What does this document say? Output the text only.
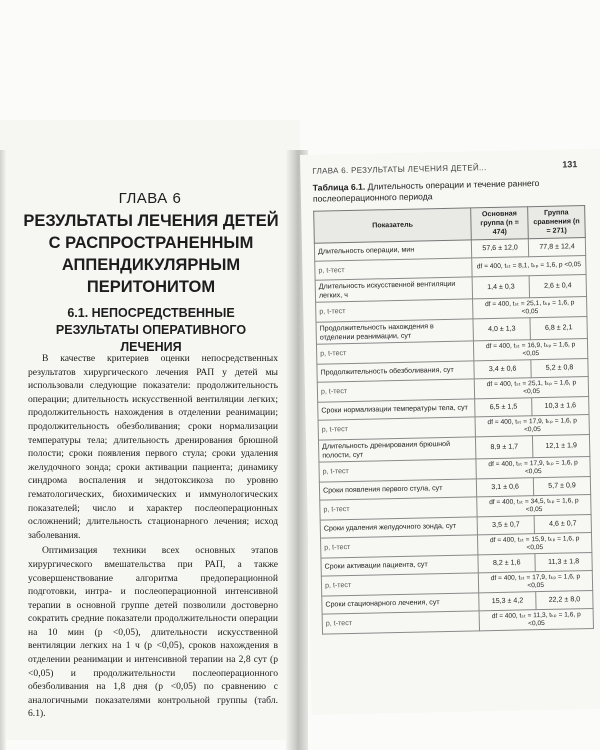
ГЛАВА 6
РЕЗУЛЬТАТЫ ЛЕЧЕНИЯ ДЕТЕЙ С РАСПРОСТРАНЕННЫМ АППЕНДИКУЛЯРНЫМ ПЕРИТОНИТОМ
6.1. НЕПОСРЕДСТВЕННЫЕ РЕЗУЛЬТАТЫ ОПЕРАТИВНОГО ЛЕЧЕНИЯ

В качестве критериев оценки непосредственных результатов хирургического лечения РАП у детей мы использовали следующие показатели: продолжительность операции; длительность искусственной вентиляции легких; продолжительность нахождения в отделении реанимации; продолжительность обезболивания; сроки нормализации температуры тела; длительность дренирования брюшной полости; сроки появления первого стула; сроки удаления желудочного зонда; сроки активации пациента; динамику синдрома воспаления и эндотоксикоза по уровню гематологических, биохимических и иммунологических показателей; число и характер послеоперационных осложнений; длительность стационарного лечения; исход заболевания.

Оптимизация техники всех основных этапов хирургического вмешательства при РАП, а также усовершенствование алгоритма предоперационной подготовки, интра- и послеоперационной интенсивной терапии в основной группе детей позволили достоверно сократить средние показатели продолжительности операции на 10 мин (p <0,05), длительности искусственной вентиляции легких на 1 ч (p <0,05), сроков нахождения в отделении реанимации и интенсивной терапии на 2,8 сут (p <0,05) и продолжительности послеоперационного обезболивания на 1,8 дня (p <0,05) по сравнению с аналогичными показателями контрольной группы (табл. 6.1).

ГЛАВА 6. РЕЗУЛЬТАТЫ ЛЕЧЕНИЯ ДЕТЕЙ...	131
Таблица 6.1. Длительность операции и течение раннего послеоперационного периода
Показатель	Основная группа (n = 474)	Группа сравнения (n = 271)
Длительность операции, мин	57,6 ± 12,0	77,8 ± 12,4
p, t-тест	df = 400, tₛₜ = 8,1, tₖₚ = 1,6, p <0,05	
Длительность искусственной вентиляции легких, ч	1,4 ± 0,3	2,6 ± 0,4
p, t-тест	df = 400, tₛₜ = 25,1, tₖₚ = 1,6, p <0,05	
Продолжительность нахождения в отделении реанимации, сут	4,0 ± 1,3	6,8 ± 2,1
p, t-тест	df = 400, tₛₜ = 16,9, tₖₚ = 1,6, p <0,05	
Продолжительность обезболивания, сут	3,4 ± 0,6	5,2 ± 0,8
p, t-тест	df = 400, tₛₜ = 25,1, tₖₚ = 1,6, p <0,05	
Сроки нормализации температуры тела, сут	6,5 ± 1,5	10,3 ± 1,6
p, t-тест	df = 400, tₛₜ = 17,9, tₖₚ = 1,6, p <0,05	
Длительность дренирования брюшной полости, сут	8,9 ± 1,7	12,1 ± 1,9
p, t-тест	df = 400, tₛₜ = 17,9, tₖₚ = 1,6, p <0,05	
Сроки появления первого стула, сут	3,1 ± 0,6	5,7 ± 0,9
p, t-тест	df = 400, tₛₜ = 34,5, tₖₚ = 1,6, p <0,05	
Сроки удаления желудочного зонда, сут	3,5 ± 0,7	4,6 ± 0,7
p, t-тест	df = 400, tₛₜ = 15,9, tₖₚ = 1,6, p <0,05	
Сроки активации пациента, сут	8,2 ± 1,6	11,3 ± 1,8
p, t-тест	df = 400, tₛₜ = 17,9, tₖₚ = 1,6, p <0,05	
Сроки стационарного лечения, сут	15,3 ± 4,2	22,2 ± 8,0
p, t-тест	df = 400, tₛₜ = 11,3, tₖₚ = 1,6, p <0,05	
